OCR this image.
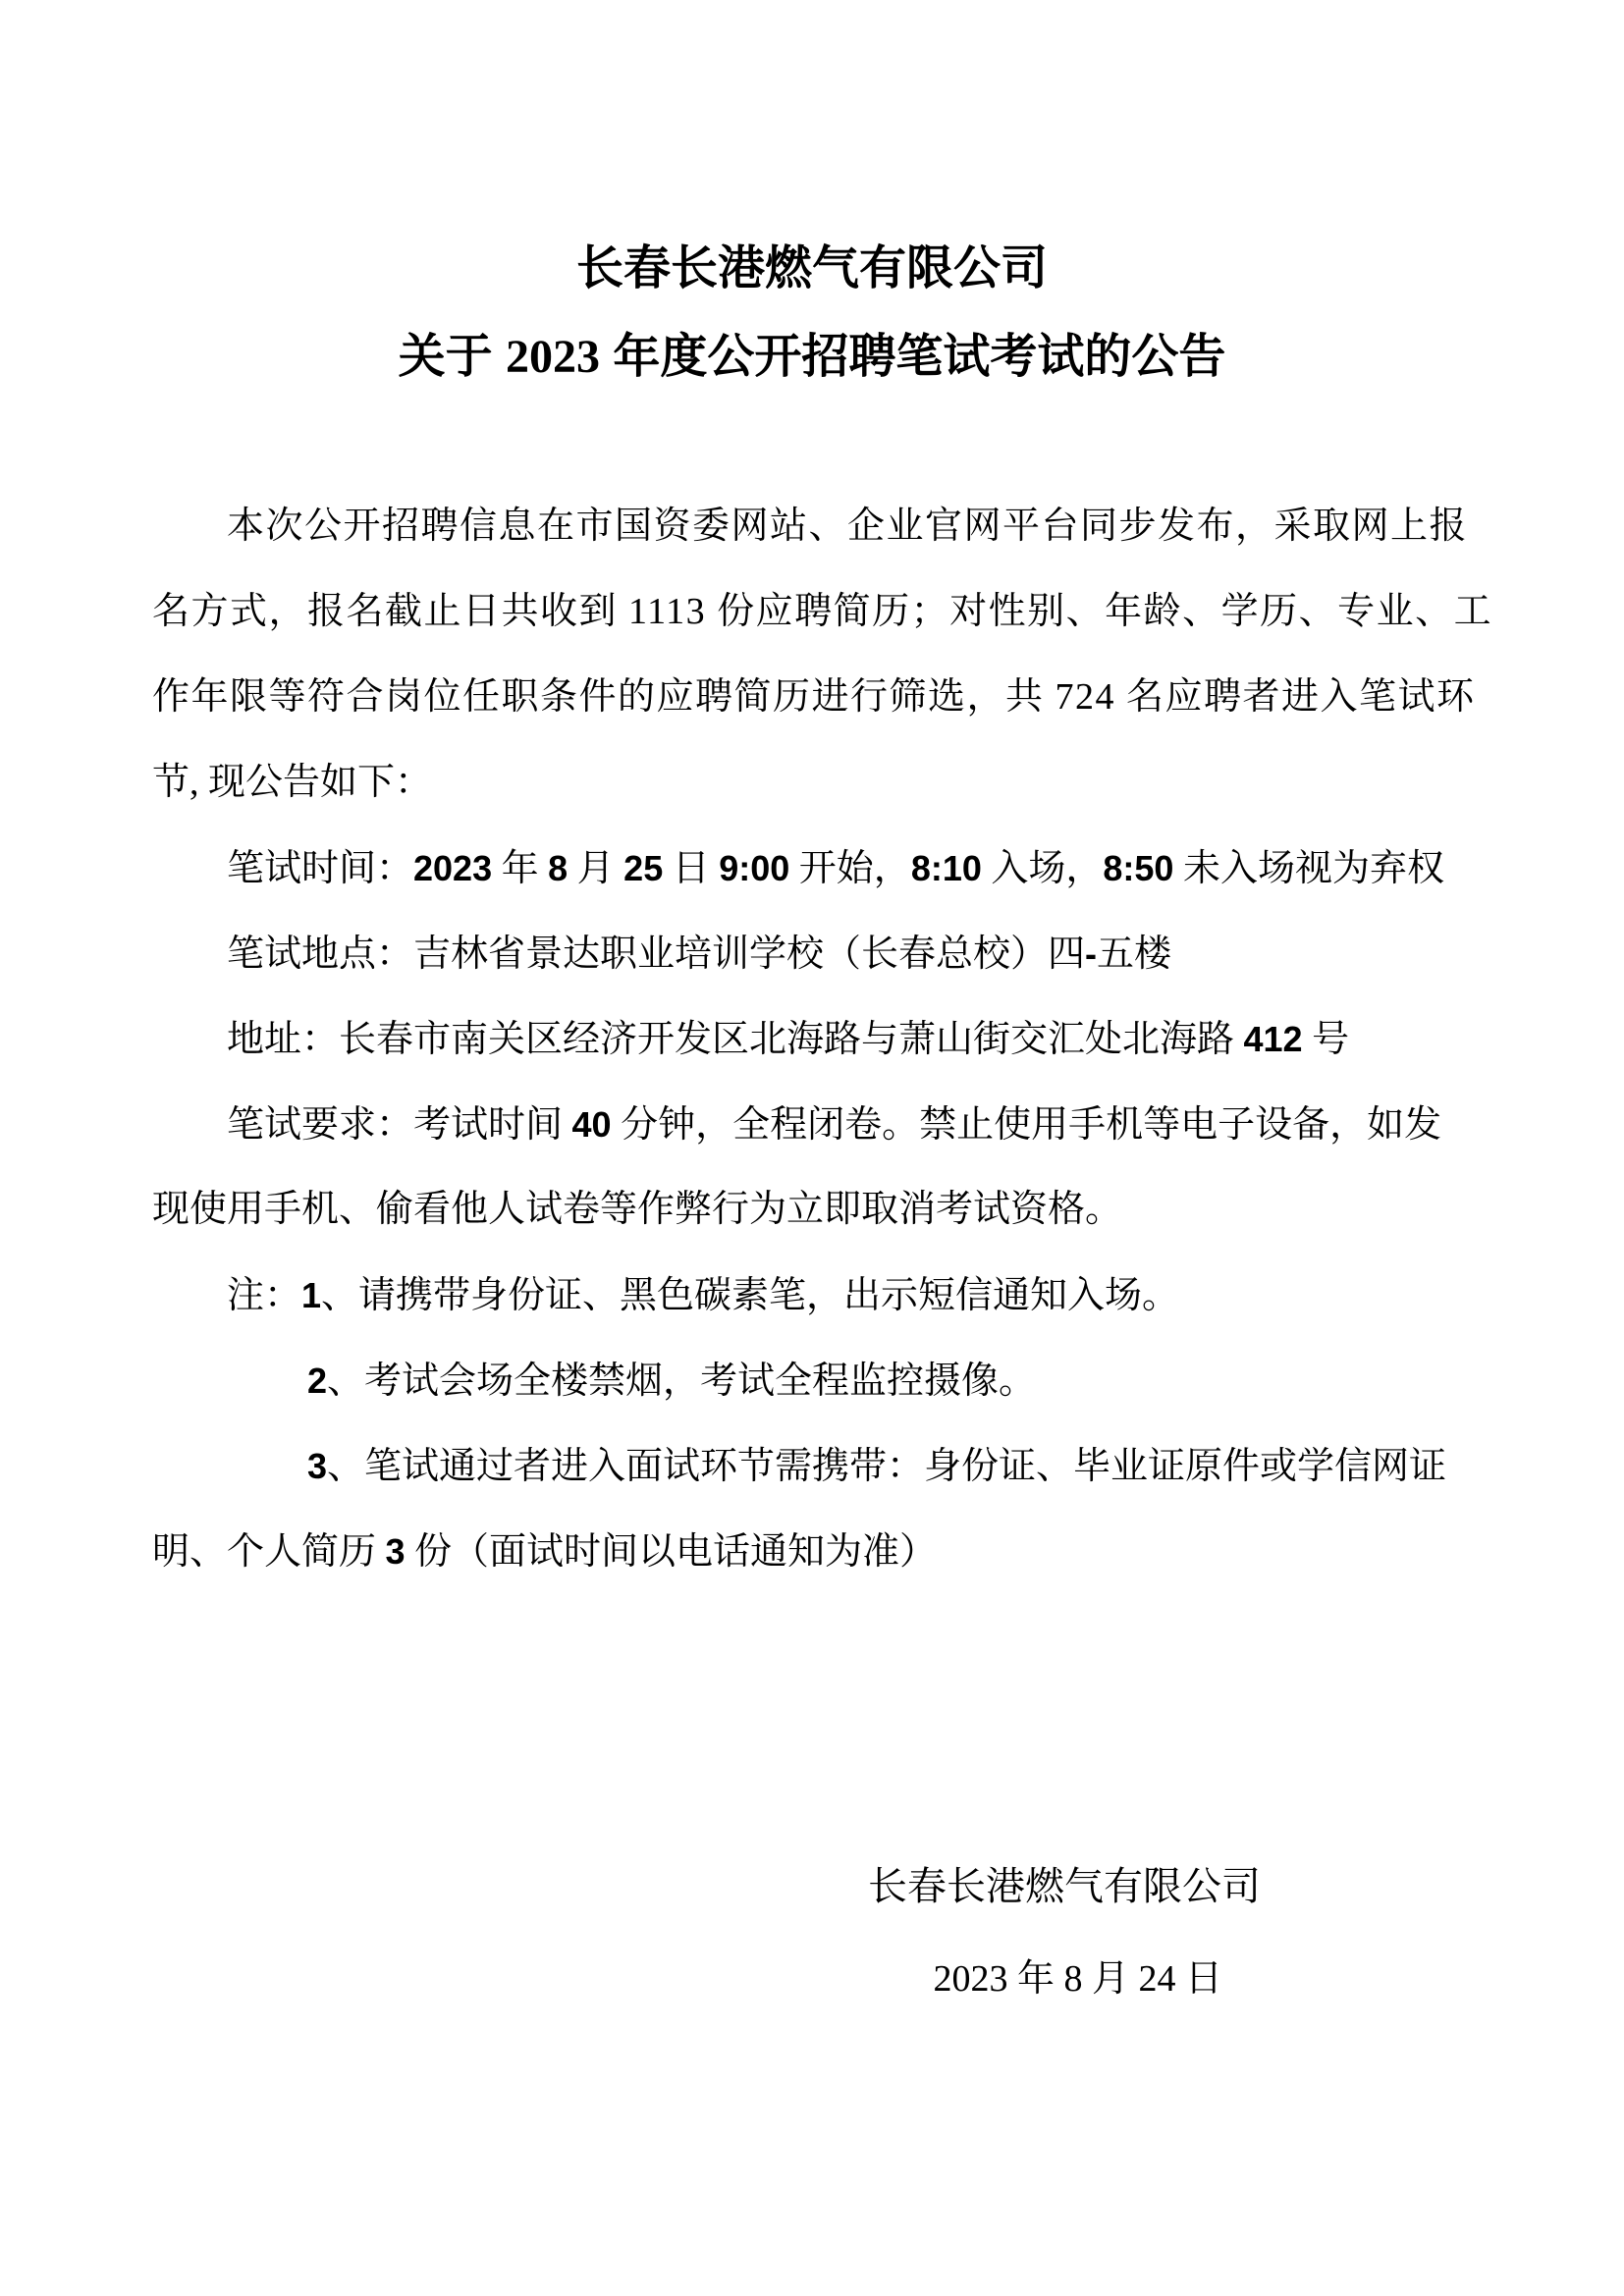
长春长港燃气有限公司
关于 2023 年度公开招聘笔试考试的公告
本次公开招聘信息在市国资委网站、企业官网平台同步发布，采取网上报
名方式，报名截止日共收到 1113 份应聘简历；对性别、年龄、学历、专业、工
作年限等符合岗位任职条件的应聘简历进行筛选，共 724 名应聘者进入笔试环
节, 现公告如下：
笔试时间：2023 年 8 月 25 日 9:00 开始，8:10 入场，8:50 未入场视为弃权
笔试地点：吉林省景达职业培训学校（长春总校）四-五楼
地址：长春市南关区经济开发区北海路与萧山街交汇处北海路 412 号
笔试要求：考试时间 40 分钟，全程闭卷。禁止使用手机等电子设备，如发
现使用手机、偷看他人试卷等作弊行为立即取消考试资格。
注：1、请携带身份证、黑色碳素笔，出示短信通知入场。
2、考试会场全楼禁烟，考试全程监控摄像。
3、笔试通过者进入面试环节需携带：身份证、毕业证原件或学信网证
明、个人简历 3 份（面试时间以电话通知为准）
长春长港燃气有限公司
2023 年 8 月 24 日
